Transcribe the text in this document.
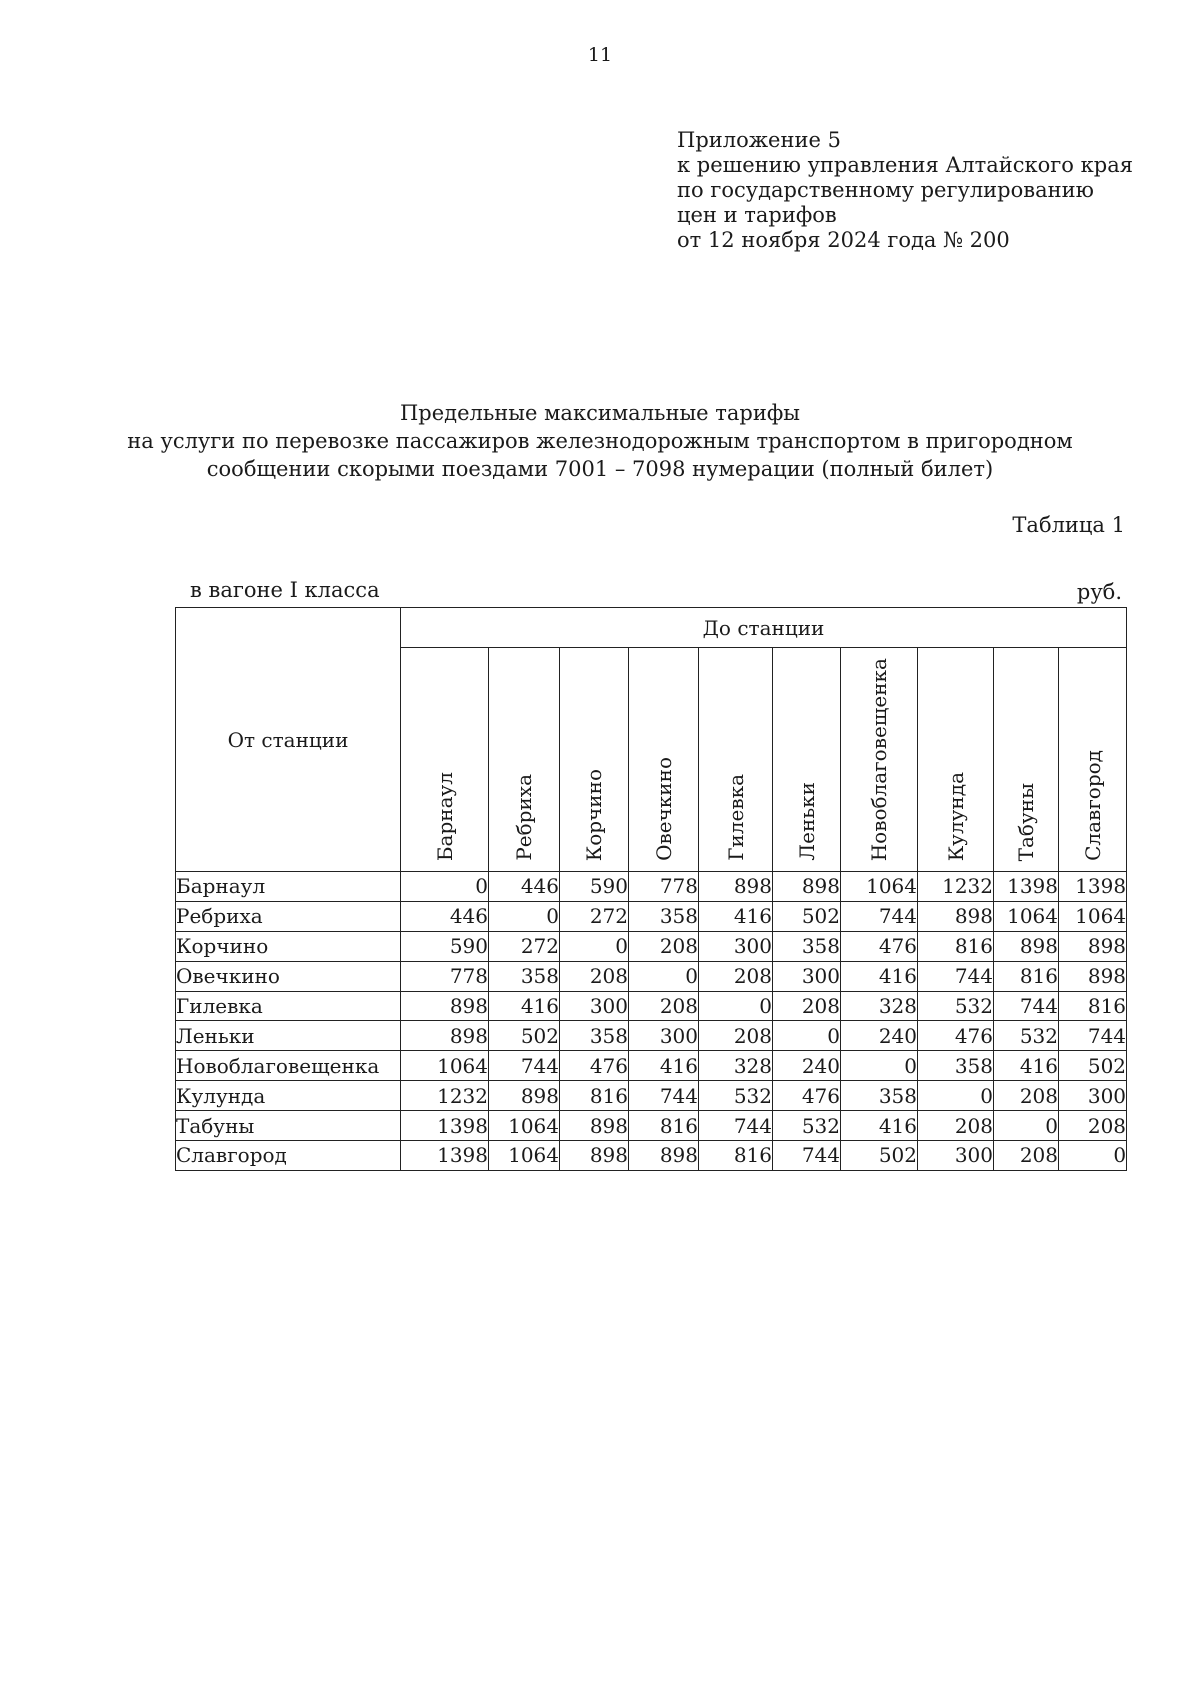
11
Приложение 5
к решению управления Алтайского края
по государственному регулированию
цен и тарифов
от 12 ноября 2024 года № 200
Предельные максимальные тарифы
на услуги по перевозке пассажиров железнодорожным транспортом в пригородном
сообщении скорыми поездами 7001 – 7098 нумерации (полный билет)
Таблица 1
в вагоне I класса	руб.
От станции	До станции									

	Барнаул	Ребриха	Корчино	Овечкино	Гилевка	Леньки	Новоблаговещенка	Кулунда	Табуны	Славгород

Барнаул	0	446	590	778	898	898	1064	1232	1398	1398
Ребриха	446	0	272	358	416	502	744	898	1064	1064
Корчино	590	272	0	208	300	358	476	816	898	898
Овечкино	778	358	208	0	208	300	416	744	816	898
Гилевка	898	416	300	208	0	208	328	532	744	816
Леньки	898	502	358	300	208	0	240	476	532	744
Новоблаговещенка	1064	744	476	416	328	240	0	358	416	502
Кулунда	1232	898	816	744	532	476	358	0	208	300
Табуны	1398	1064	898	816	744	532	416	208	0	208
Славгород	1398	1064	898	898	816	744	502	300	208	0
